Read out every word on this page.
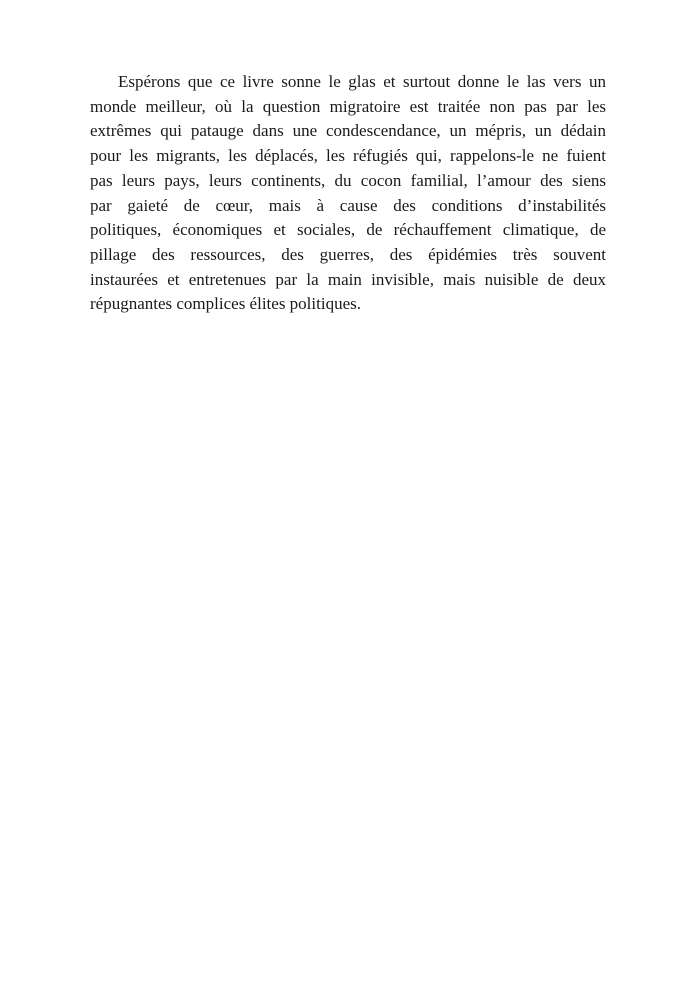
Espérons que ce livre sonne le glas et surtout donne le las vers un
monde meilleur, où la question migratoire est traitée non pas par les
extrêmes qui patauge dans une condescendance, un mépris, un dédain
pour les migrants, les déplacés, les réfugiés qui, rappelons-le ne fuient
pas leurs pays, leurs continents, du cocon familial, l’amour des siens
par gaieté de cœur, mais à cause des conditions d’instabilités
politiques, économiques et sociales, de réchauffement climatique, de
pillage des ressources, des guerres, des épidémies très souvent
instaurées et entretenues par la main invisible, mais nuisible de deux
répugnantes complices élites politiques.
